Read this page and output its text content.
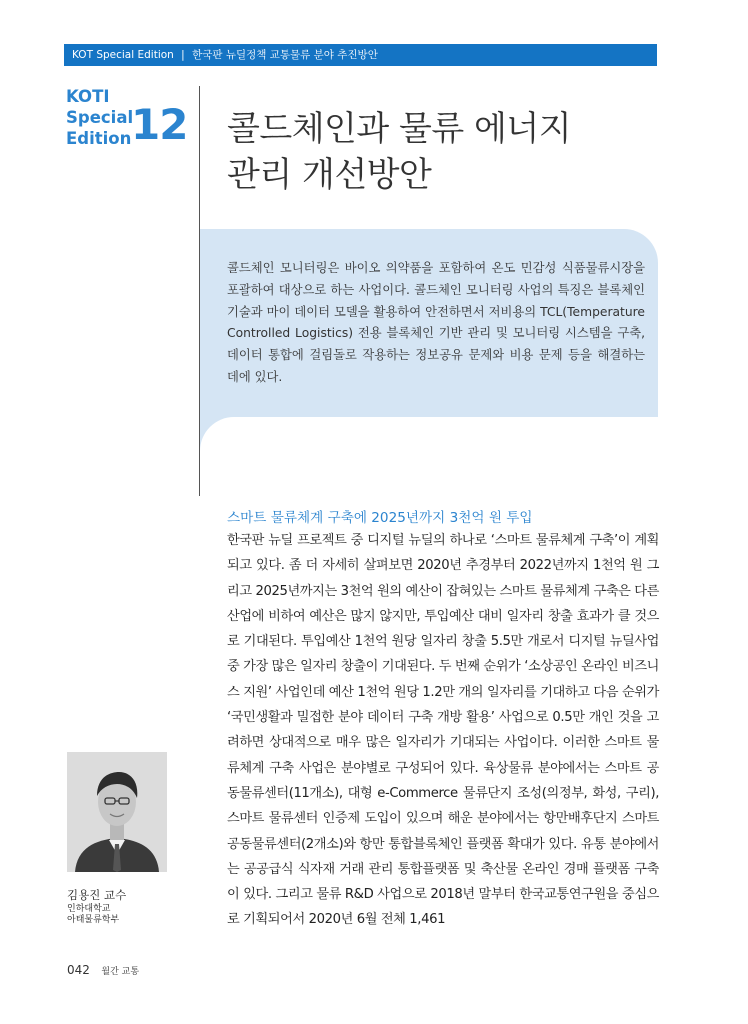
KOT Special Edition | 한국판 뉴딜정책 교통물류 분야 추진방안
KOTI
Special
Edition 12 콜드체인과 물류 에너지
관리 개선방안
콜드체인 모니터링은 바이오 의약품을 포함하여 온도 민감성 식품물류시장을 포괄하여 대상으로 하는 사업이다. 콜드체인 모니터링 사업의 특징은 블록체인 기술과 마이 데이터 모델을 활용하여 안전하면서 저비용의 TCL(Temperature Controlled Logistics) 전용 블록체인 기반 관리 및 모니터링 시스템을 구축, 데이터 통합에 걸림돌로 작용하는 정보공유 문제와 비용 문제 등을 해결하는 데에 있다.
스마트 물류체계 구축에 2025년까지 3천억 원 투입
한국판 뉴딜 프로젝트 중 디지털 뉴딜의 하나로 ‘스마트 물류체계 구축’이 계획되고 있다. 좀 더 자세히 살펴보면 2020년 추경부터 2022년까지 1천억 원 그리고 2025년까지는 3천억 원의 예산이 잡혀있는 스마트 물류체계 구축은 다른 산업에 비하여 예산은 많지 않지만, 투입예산 대비 일자리 창출 효과가 클 것으로 기대된다. 투입예산 1천억 원당 일자리 창출 5.5만 개로서 디지털 뉴딜사업 중 가장 많은 일자리 창출이 기대된다. 두 번째 순위가 ‘소상공인 온라인 비즈니스 지원’ 사업인데 예산 1천억 원당 1.2만 개의 일자리를 기대하고 다음 순위가 ‘국민생활과 밀접한 분야 데이터 구축 개방 활용’ 사업으로 0.5만 개인 것을 고려하면 상대적으로 매우 많은 일자리가 기대되는 사업이다. 이러한 스마트 물류체계 구축 사업은 분야별로 구성되어 있다. 육상물류 분야에서는 스마트 공동물류센터(11개소), 대형 e-Commerce 물류단지 조성(의정부, 화성, 구리), 스마트 물류센터 인증제 도입이 있으며 해운 분야에서는 항만배후단지 스마트 공동물류센터(2개소)와 항만 통합블록체인 플랫폼 확대가 있다. 유통 분야에서는 공공급식 식자재 거래 관리 통합플랫폼 및 축산물 온라인 경매 플랫폼 구축이 있다. 그리고 물류 R&D 사업으로 2018년 말부터 한국교통연구원을 중심으로 기획되어서 2020년 6월 전체 1,461
김용진 교수
인하대학교
아태물류학부
042 월간 교통
